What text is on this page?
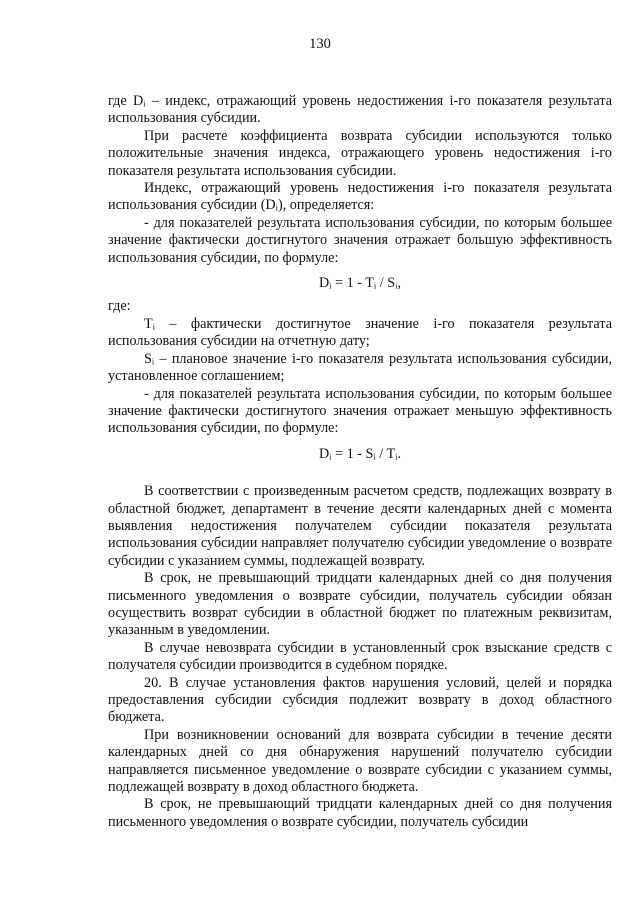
130

где Dᵢ – индекс, отражающий уровень недостижения i-го показателя результата использования субсидии.

При расчете коэффициента возврата субсидии используются только положительные значения индекса, отражающего уровень недостижения i-го показателя результата использования субсидии.

Индекс, отражающий уровень недостижения i-го показателя результата использования субсидии (Dᵢ), определяется:

- для показателей результата использования субсидии, по которым большее значение фактически достигнутого значения отражает большую эффективность использования субсидии, по формуле:

Dᵢ = 1 - Tᵢ / Sᵢ,

где:

Tᵢ – фактически достигнутое значение i-го показателя результата использования субсидии на отчетную дату;

Sᵢ – плановое значение i-го показателя результата использования субсидии, установленное соглашением;

- для показателей результата использования субсидии, по которым большее значение фактически достигнутого значения отражает меньшую эффективность использования субсидии, по формуле:

Dᵢ = 1 - Sᵢ / Tᵢ.

В соответствии с произведенным расчетом средств, подлежащих возврату в областной бюджет, департамент в течение десяти календарных дней с момента выявления недостижения получателем субсидии показателя результата использования субсидии направляет получателю субсидии уведомление о возврате субсидии с указанием суммы, подлежащей возврату.

В срок, не превышающий тридцати календарных дней со дня получения письменного уведомления о возврате субсидии, получатель субсидии обязан осуществить возврат субсидии в областной бюджет по платежным реквизитам, указанным в уведомлении.

В случае невозврата субсидии в установленный срок взыскание средств с получателя субсидии производится в судебном порядке.

20. В случае установления фактов нарушения условий, целей и порядка предоставления субсидии субсидия подлежит возврату в доход областного бюджета.

При возникновении оснований для возврата субсидии в течение десяти календарных дней со дня обнаружения нарушений получателю субсидии направляется письменное уведомление о возврате субсидии с указанием суммы, подлежащей возврату в доход областного бюджета.

В срок, не превышающий тридцати календарных дней со дня получения письменного уведомления о возврате субсидии, получатель субсидии
